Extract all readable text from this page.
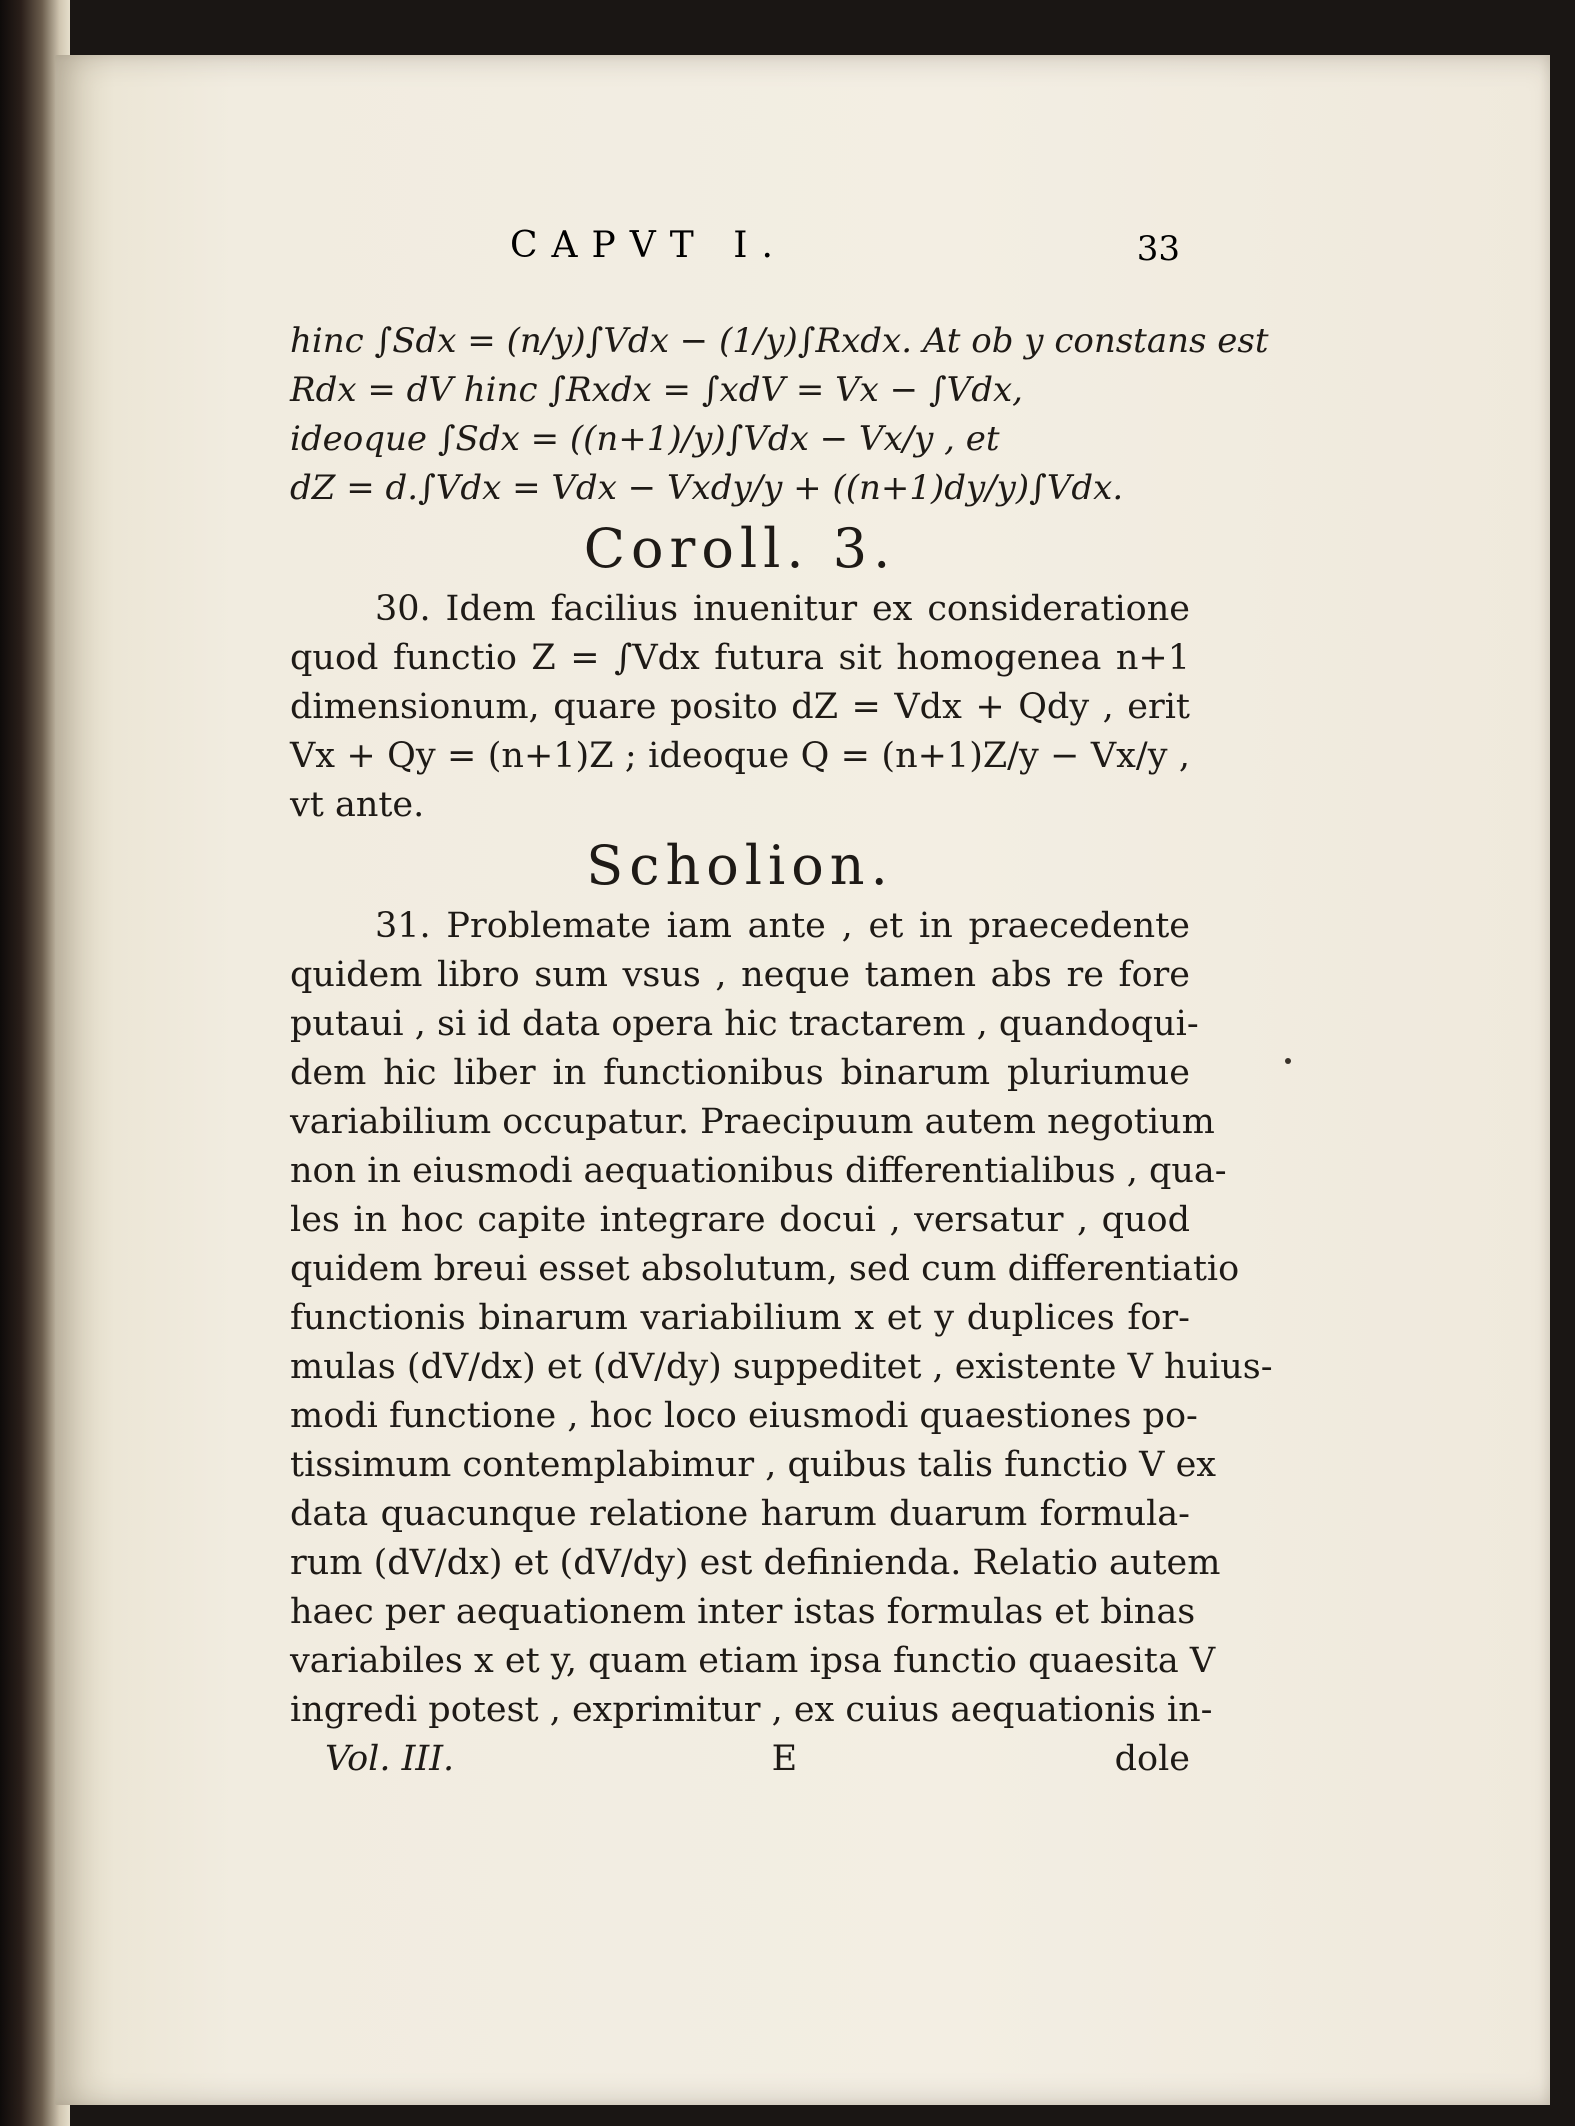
CAPVT I.	33
hinc ∫Sdx = (n/y)∫Vdx − (1/y)∫Rxdx. At ob y constans est
Rdx = dV hinc ∫Rxdx = ∫xdV = Vx − ∫Vdx,
ideoque ∫Sdx = ((n+1)/y)∫Vdx − Vx/y , et
dZ = d.∫Vdx = Vdx − Vxdy/y + ((n+1)dy/y)∫Vdx.
Coroll. 3.
30. Idem facilius inuenitur ex consideratione
quod functio Z = ∫Vdx futura sit homogenea n+1
dimensionum, quare posito dZ = Vdx + Qdy , erit
Vx + Qy = (n+1)Z ; ideoque Q = (n+1)Z/y − Vx/y ,
vt ante.
Scholion.
31. Problemate iam ante , et in praecedente
quidem libro sum vsus , neque tamen abs re fore
putaui , si id data opera hic tractarem , quandoqui-
dem hic liber in functionibus binarum pluriumue
variabilium occupatur. Praecipuum autem negotium
non in eiusmodi aequationibus differentialibus , qua-
les in hoc capite integrare docui , versatur , quod
quidem breui esset absolutum, sed cum differentiatio
functionis binarum variabilium x et y duplices for-
mulas (dV/dx) et (dV/dy) suppeditet , existente V huius-
modi functione , hoc loco eiusmodi quaestiones po-
tissimum contemplabimur , quibus talis functio V ex
data quacunque relatione harum duarum formula-
rum (dV/dx) et (dV/dy) est definienda. Relatio autem
haec per aequationem inter istas formulas et binas
variabiles x et y, quam etiam ipsa functio quaesita V
ingredi potest , exprimitur , ex cuius aequationis in-
Vol. III.	E	dole
